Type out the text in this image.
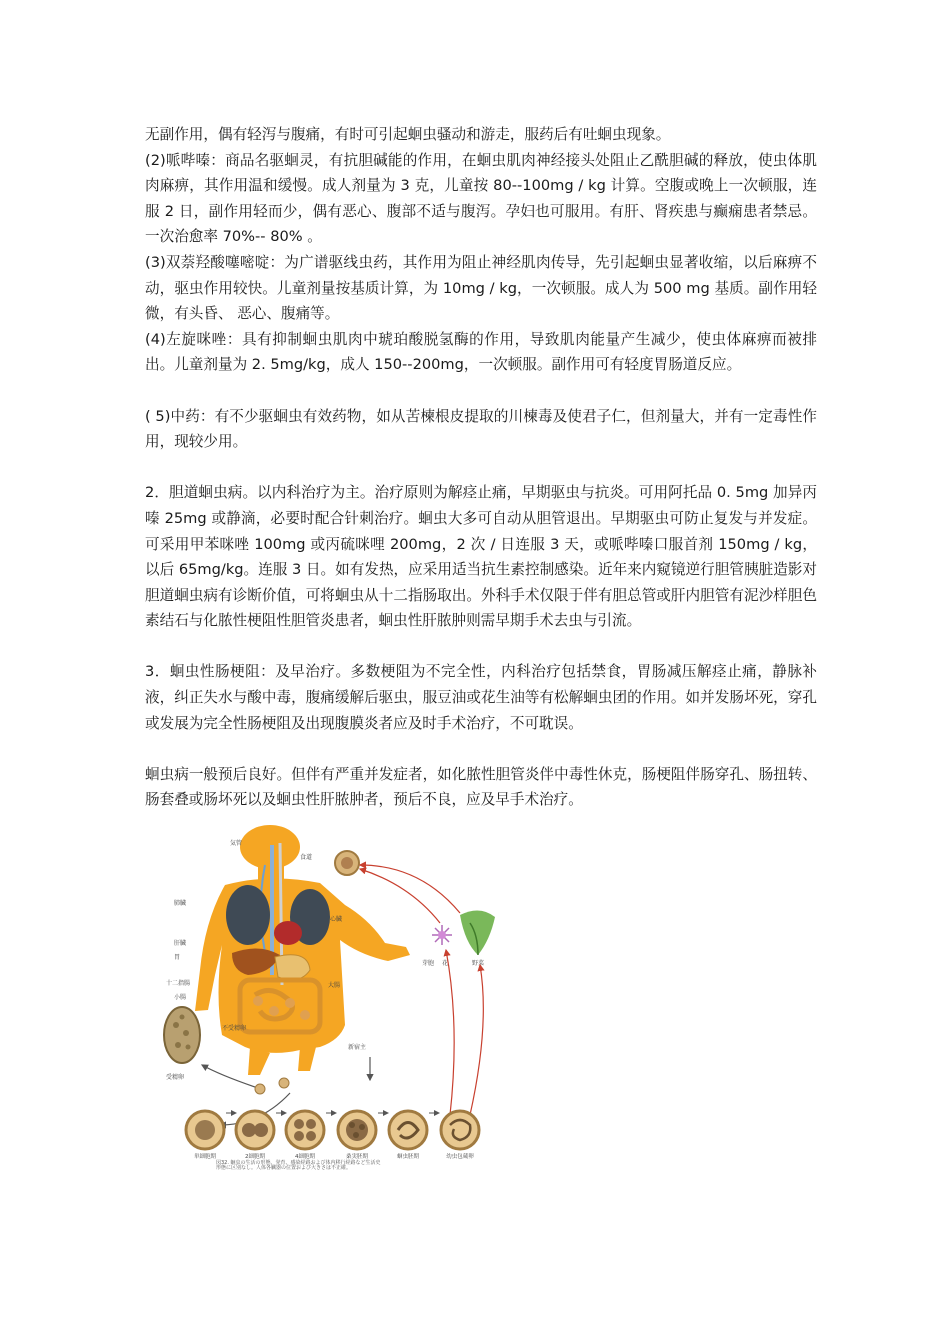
无副作用，偶有轻泻与腹痛，有时可引起蛔虫骚动和游走，服药后有吐蛔虫现象。

(2)哌哔嗪：商品名驱蛔灵，有抗胆碱能的作用，在蛔虫肌肉神经接头处阻止乙酰胆碱的释放，使虫体肌肉麻痹，其作用温和缓慢。成人剂量为 3 克，儿童按 80--100mg / kg 计算。空腹或晚上一次顿服，连服 2 日，副作用轻而少，偶有恶心、腹部不适与腹泻。孕妇也可服用。有肝、肾疾患与癫痫患者禁忌。一次治愈率 70%-- 80% 。

(3)双萘羟酸噻嘧啶：为广谱驱线虫药，其作用为阻止神经肌肉传导，先引起蛔虫显著收缩，以后麻痹不动，驱虫作用较快。儿童剂量按基质计算，为 10mg / kg，一次顿服。成人为 500 mg 基质。副作用轻微，有头昏、 恶心、腹痛等。

(4)左旋咪唑：具有抑制蛔虫肌肉中琥珀酸脱氢酶的作用，导致肌肉能量产生减少，使虫体麻痹而被排出。儿童剂量为 2. 5mg/kg，成人 150--200mg，一次顿服。副作用可有轻度胃肠道反应。

( 5)中药：有不少驱蛔虫有效药物，如从苦楝根皮提取的川楝毒及使君子仁，但剂量大，并有一定毒性作用，现较少用。

2．胆道蛔虫病。以内科治疗为主。治疗原则为解痉止痛，早期驱虫与抗炎。可用阿托品 0. 5mg 加异丙嗪 25mg 或静滴，必要时配合针刺治疗。蛔虫大多可自动从胆管退出。早期驱虫可防止复发与并发症。可采用甲苯咪唑 100mg 或丙硫咪哩 200mg，2 次 / 日连服 3 天，或哌哔嗪口服首剂 150mg / kg，以后 65mg/kg。连服 3 日。如有发热，应采用适当抗生素控制感染。近年来内窥镜逆行胆管胰脏造影对胆道蛔虫病有诊断价值，可将蛔虫从十二指肠取出。外科手术仅限于伴有胆总管或肝内胆管有泥沙样胆色素结石与化脓性梗阻性胆管炎患者，蛔虫性肝脓肿则需早期手术去虫与引流。

3．蛔虫性肠梗阻：及早治疗。多数梗阻为不完全性，内科治疗包括禁食，胃肠减压解痉止痛，静脉补液，纠正失水与酸中毒，腹痛缓解后驱虫，服豆油或花生油等有松解蛔虫团的作用。如并发肠坏死，穿孔或发展为完全性肠梗阻及出现腹膜炎者应及时手术治疗，不可耽误。

蛔虫病一般预后良好。但伴有严重并发症者，如化脓性胆管炎伴中毒性休克，肠梗阻伴肠穿孔、肠扭转、肠套叠或肠坏死以及蛔虫性肝脓肿者，预后不良，应及早手术治疗。

気管
食道
肺臓
心臓
肝臓
胃
十二指腸
小腸
大腸
不受精卵
新宿主
受精卵
芽胞 花	野菜
単細胞期	2細胞期	4細胞期	桑実胚期	蛔虫胚期	幼虫包蔵卵
図32. 蛔虫の生活の形態、発育、感染経路および体内移行経路など生活史
形態に区別なし。人体各臓器の位置および大きさは不正確。
